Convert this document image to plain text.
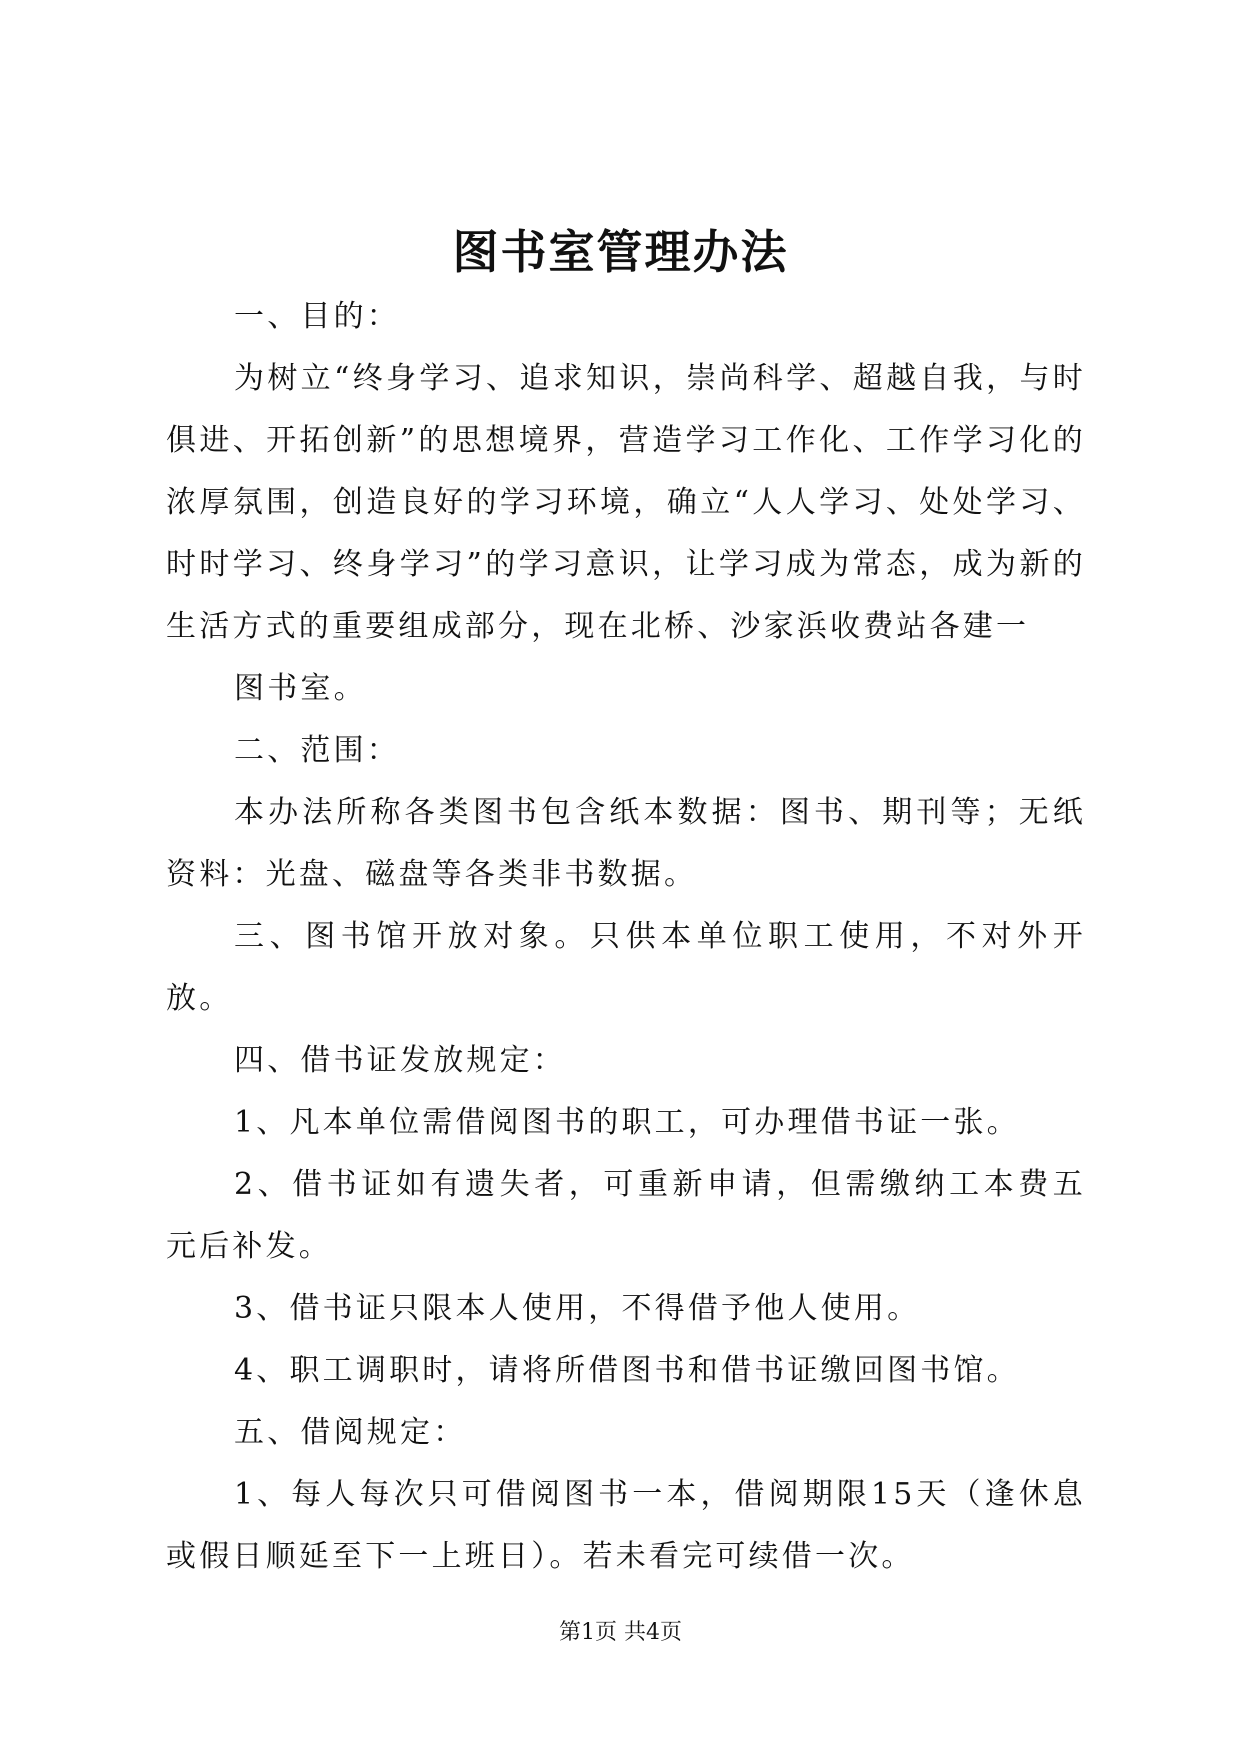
图书室管理办法

一、目的：

为树立“终身学习、追求知识，崇尚科学、超越自我，与时俱进、开拓创新”的思想境界，营造学习工作化、工作学习化的浓厚氛围，创造良好的学习环境，确立“人人学习、处处学习、时时学习、终身学习”的学习意识，让学习成为常态，成为新的生活方式的重要组成部分，现在北桥、沙家浜收费站各建一

图书室。

二、范围：

本办法所称各类图书包含纸本数据：图书、期刊等；无纸资料：光盘、磁盘等各类非书数据。

三、图书馆开放对象。只供本单位职工使用，不对外开放。

四、借书证发放规定：

1、凡本单位需借阅图书的职工，可办理借书证一张。

2、借书证如有遗失者，可重新申请，但需缴纳工本费五元后补发。

3、借书证只限本人使用，不得借予他人使用。

4、职工调职时，请将所借图书和借书证缴回图书馆。

五、借阅规定：

1、每人每次只可借阅图书一本，借阅期限15天（逢休息或假日顺延至下一上班日）。若未看完可续借一次。

第1页 共4页
